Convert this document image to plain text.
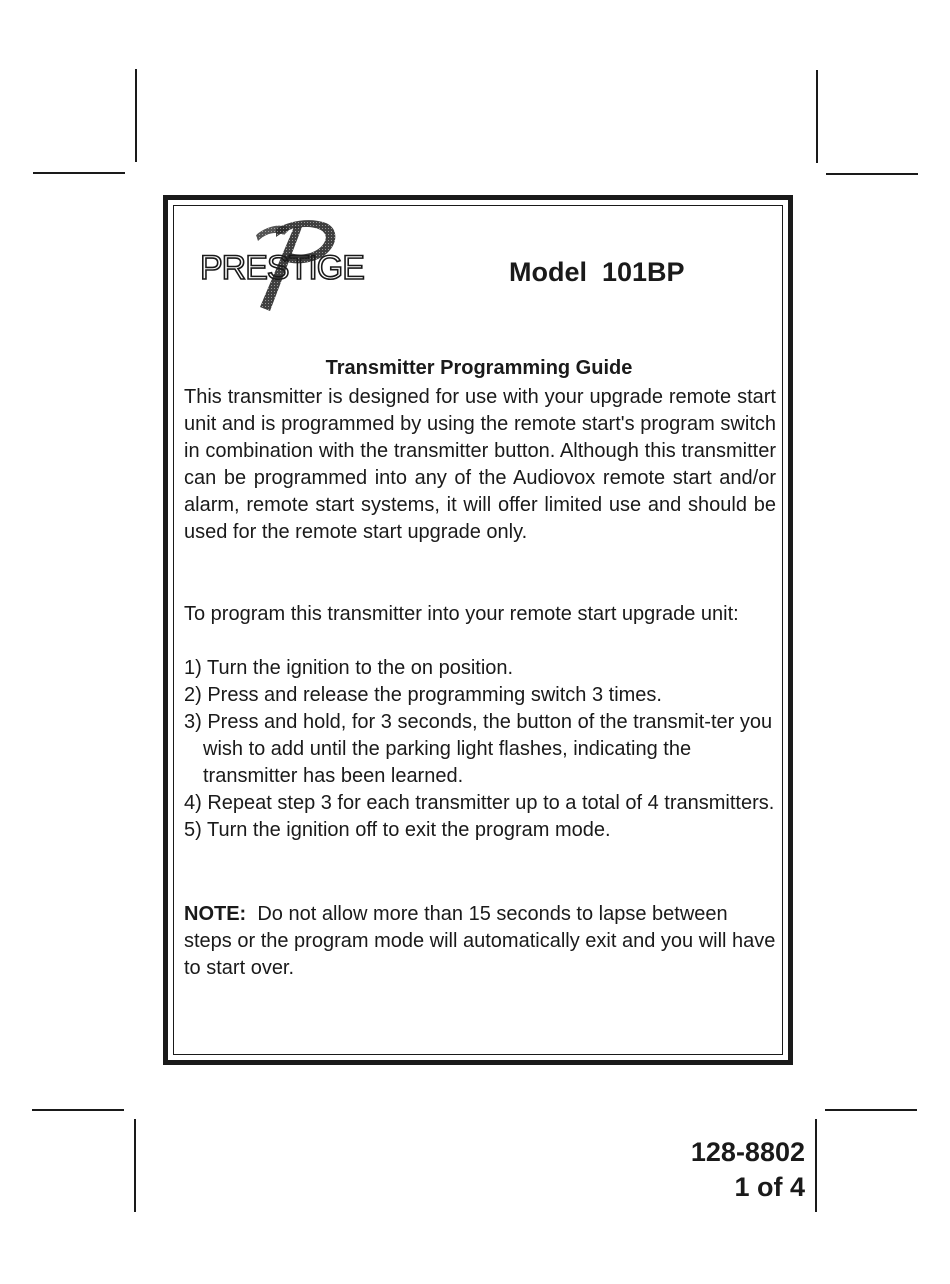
PRESTIGE	Model  101BP
Transmitter Programming Guide

This transmitter is designed for use with your upgrade remote start unit and is programmed by using the remote start's program switch in combination with the transmitter button. Although this transmitter can be programmed into any of the Audiovox remote start and/or alarm, remote start systems, it will offer limited use and should be used for the remote start upgrade only.

To program this transmitter into your remote start upgrade unit:

1) Turn the ignition to the on position.
2) Press and release the programming switch 3 times.
3) Press and hold, for 3 seconds, the button of the transmit-ter you wish to add until the parking light flashes, indicating the transmitter has been learned.
4) Repeat step 3 for each transmitter up to a total of 4 transmitters.
5) Turn the ignition off to exit the program mode.

NOTE: Do not allow more than 15 seconds to lapse between steps or the program mode will automatically exit and you will have to start over.

128-8802
1 of 4
